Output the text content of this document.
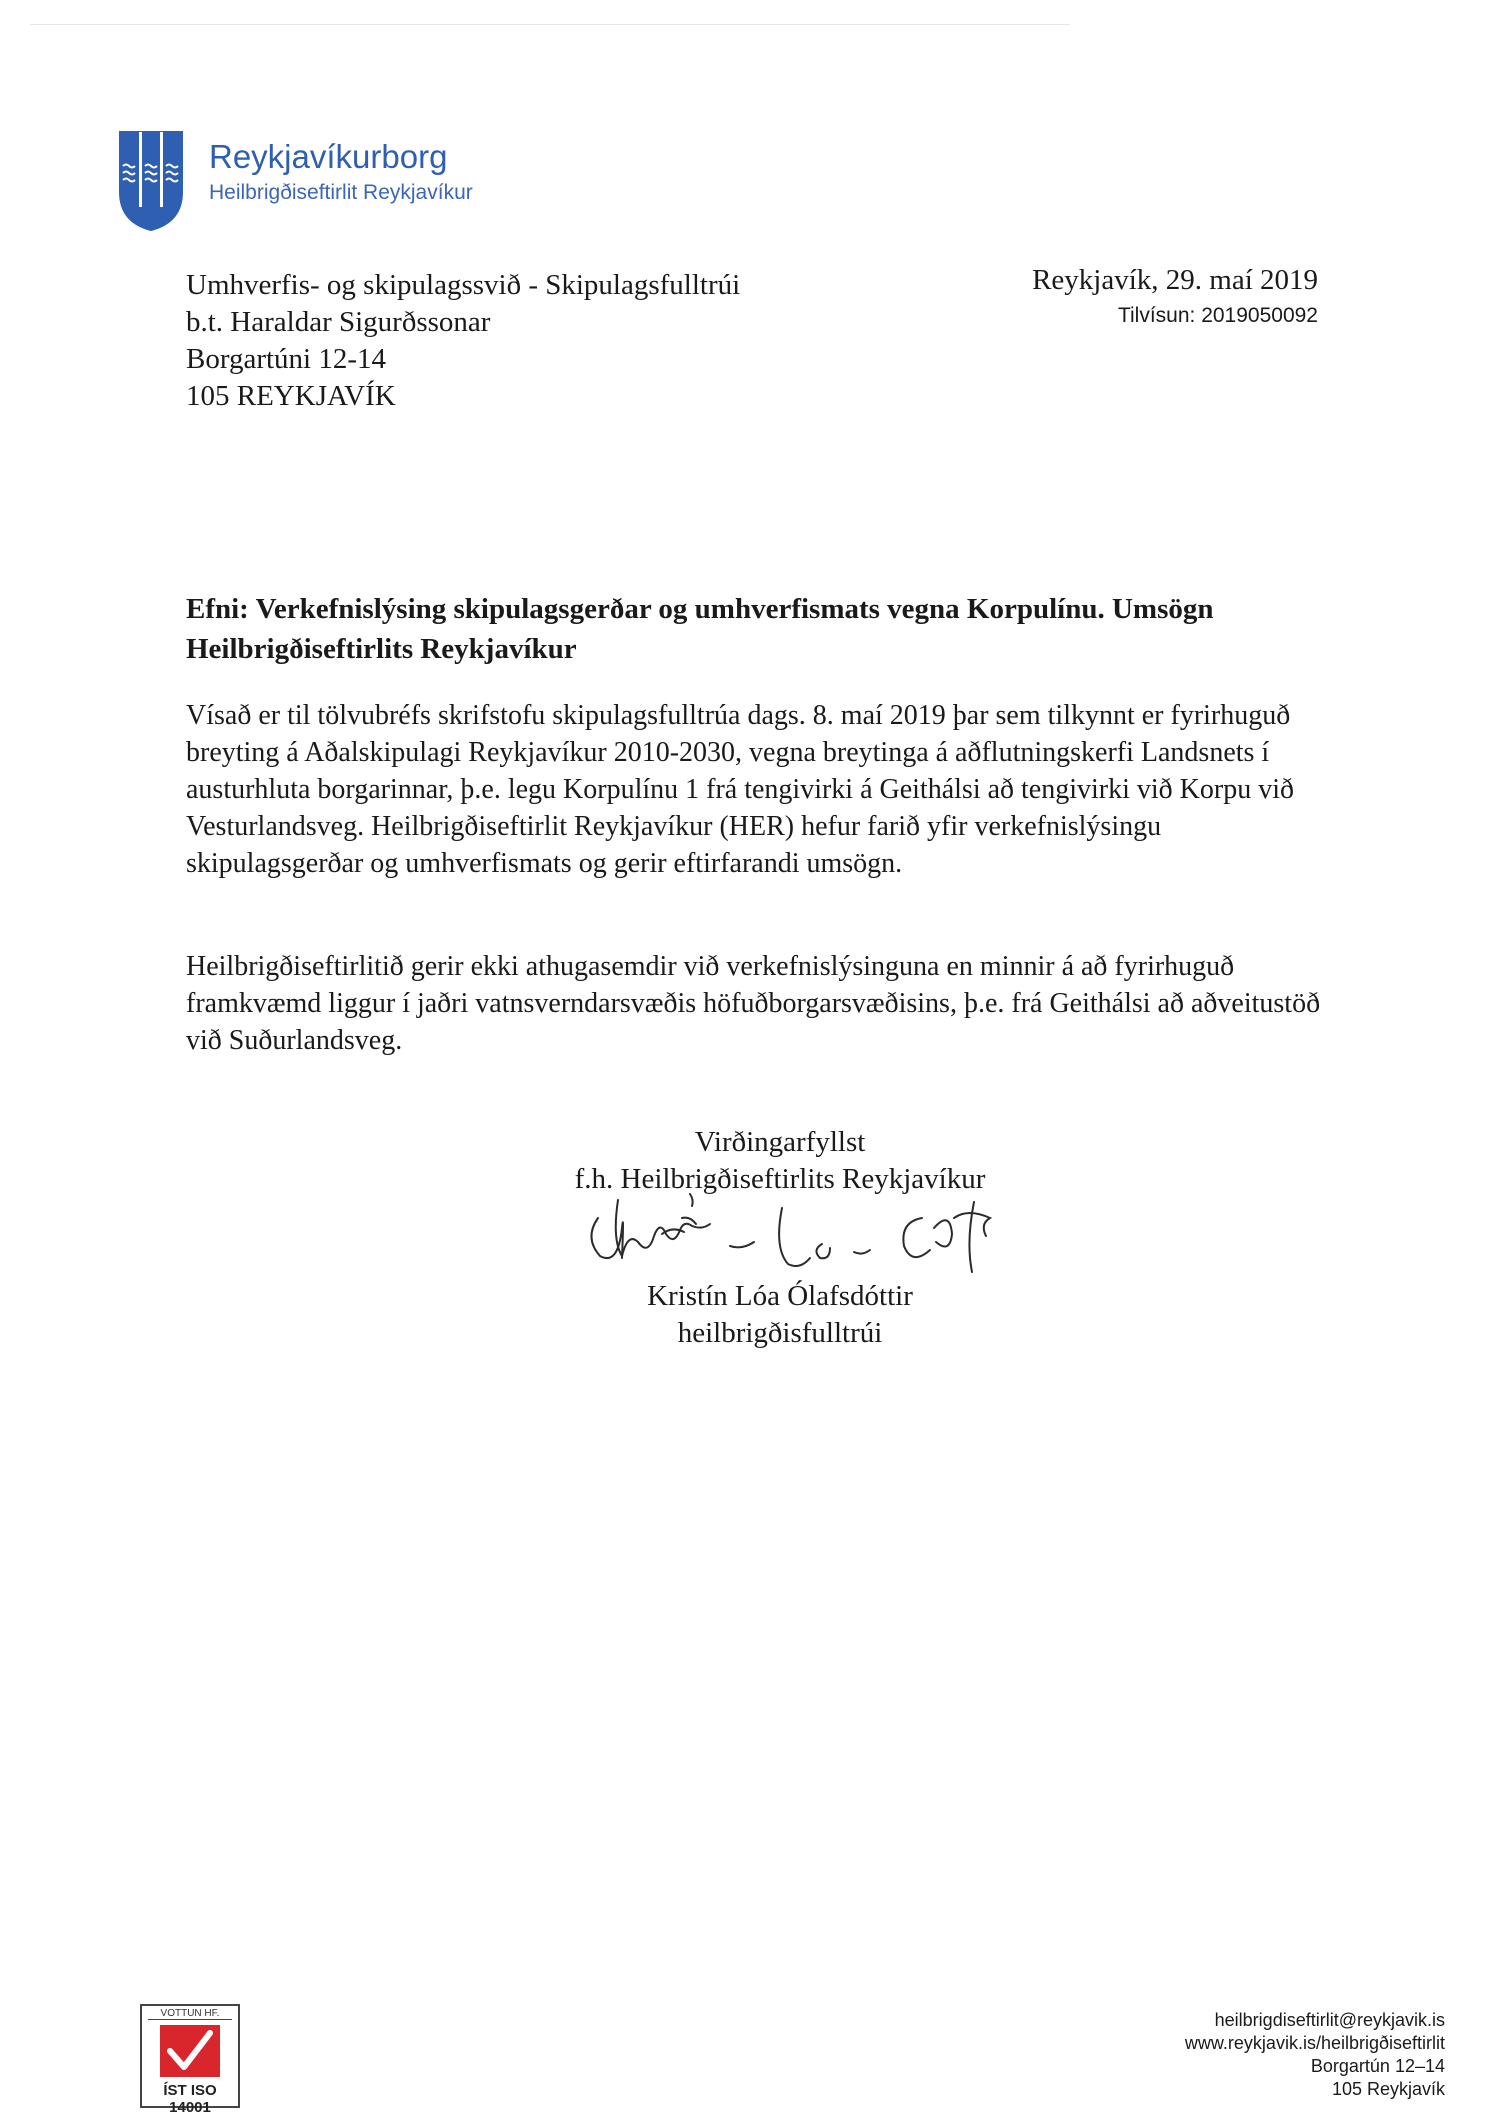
Reykjavíkurborg
Heilbrigðiseftirlit Reykjavíkur
Umhverfis- og skipulagssvið - Skipulagsfulltrúi
b.t. Haraldar Sigurðssonar
Borgartúni 12-14
105 REYKJAVÍK
Reykjavík, 29. maí 2019
Tilvísun: 2019050092
Efni: Verkefnislýsing skipulagsgerðar og umhverfismats vegna Korpulínu. Umsögn Heilbrigðiseftirlits Reykjavíkur
Vísað er til tölvubréfs skrifstofu skipulagsfulltrúa dags. 8. maí 2019 þar sem tilkynnt er fyrirhuguð breyting á Aðalskipulagi Reykjavíkur 2010-2030, vegna breytinga á aðflutningskerfi Landsnets í austurhluta borgarinnar, þ.e. legu Korpulínu 1 frá tengivirki á Geithálsi að tengivirki við Korpu við Vesturlandsveg. Heilbrigðiseftirlit Reykjavíkur (HER) hefur farið yfir verkefnislýsingu skipulagsgerðar og umhverfismats og gerir eftirfarandi umsögn.
Heilbrigðiseftirlitið gerir ekki athugasemdir við verkefnislýsinguna en minnir á að fyrirhuguð framkvæmd liggur í jaðri vatnsverndarsvæðis höfuðborgarsvæðisins, þ.e. frá Geithálsi að aðveitustöð við Suðurlandsveg.
Virðingarfyllst
f.h. Heilbrigðiseftirlits Reykjavíkur
Kristín Lóa Ólafsdóttir
heilbrigðisfulltrúi
VOTTUN HF.
ÍST ISO 14001
heilbrigdiseftirlit@reykjavik.is
www.reykjavik.is/heilbrigðiseftirlit
Borgartún 12–14
105 Reykjavík
